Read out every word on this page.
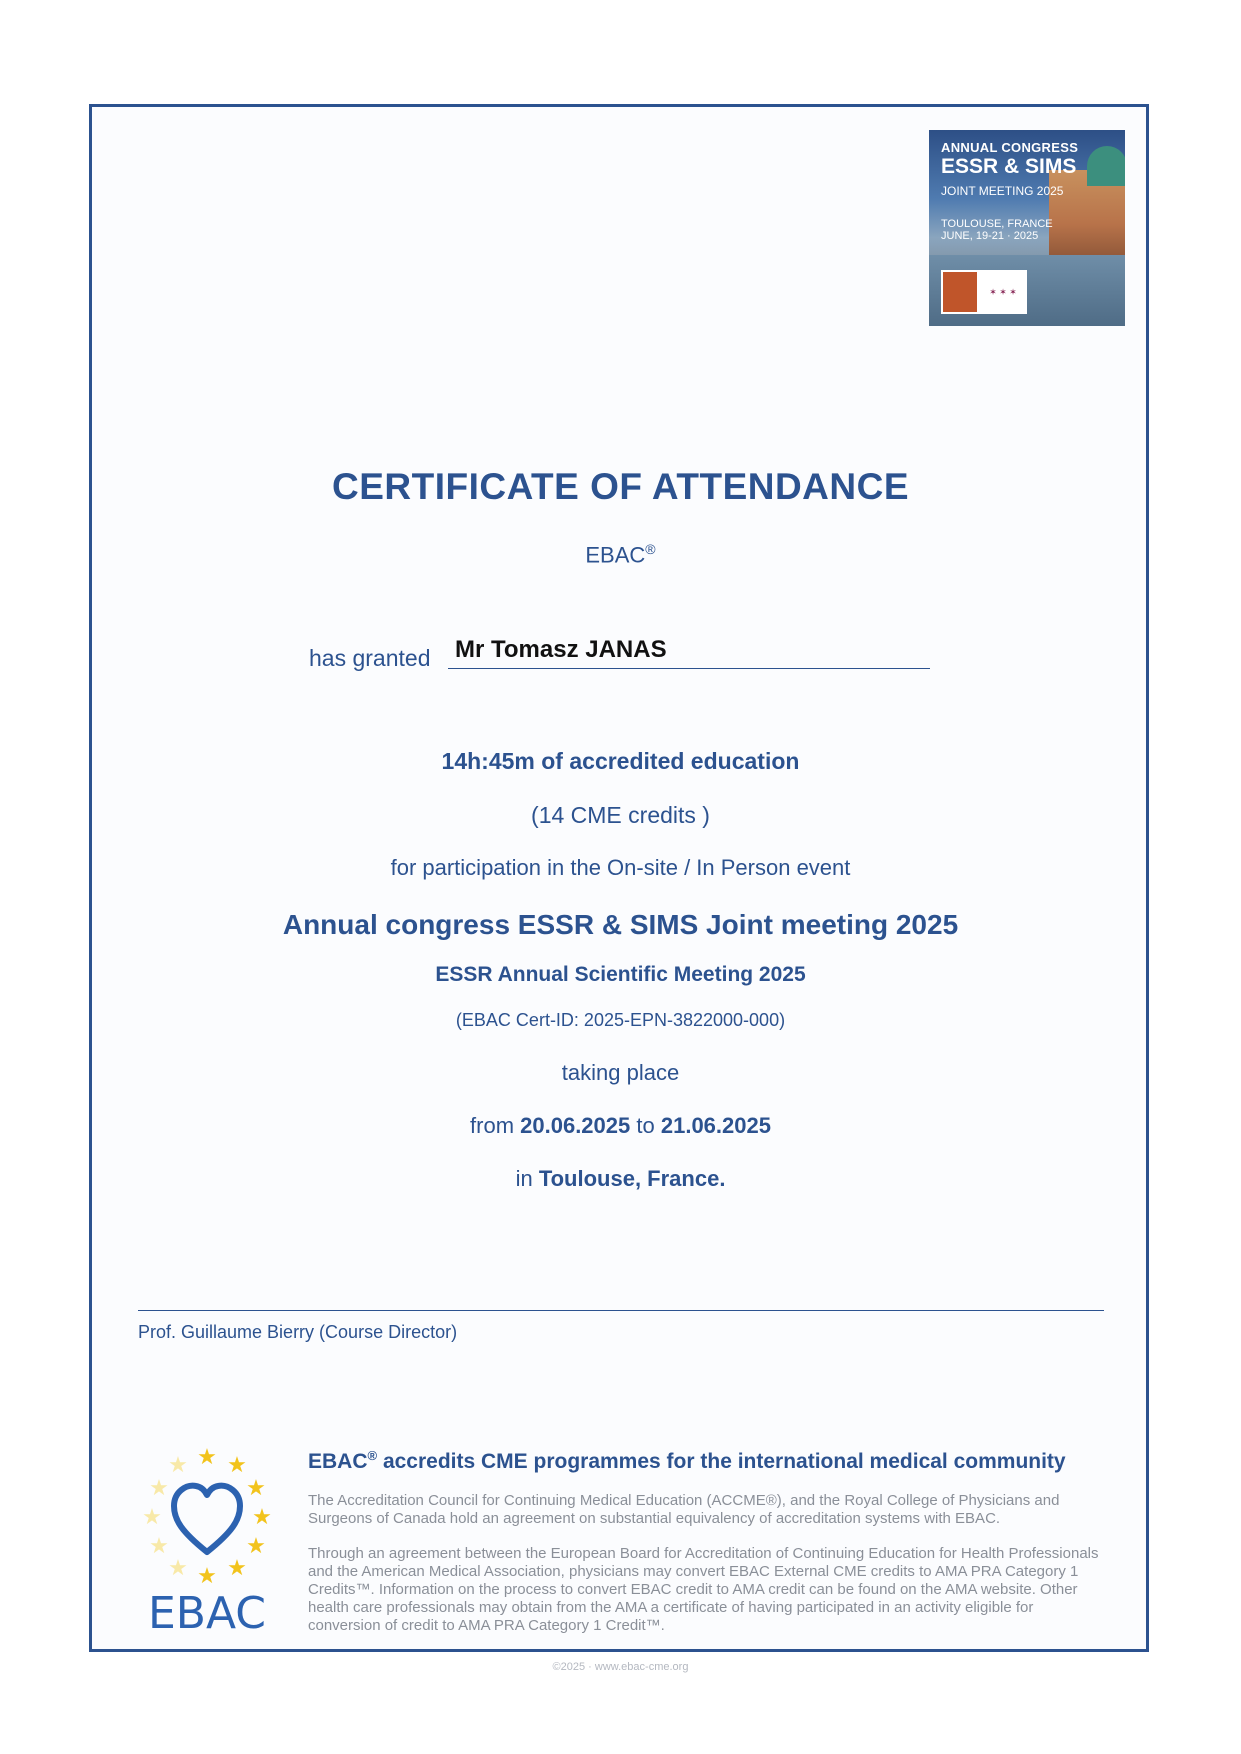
ANNUAL CONGRESS
ESSR & SIMS
JOINT MEETING 2025
TOULOUSE, FRANCE
JUNE, 19-21 · 2025
✶ ✶ ✶
CERTIFICATE OF ATTENDANCE
EBAC®
has granted Mr Tomasz JANAS
14h:45m of accredited education
(14 CME credits )
for participation in the On-site / In Person event
Annual congress ESSR & SIMS Joint meeting 2025
ESSR Annual Scientific Meeting 2025
(EBAC Cert-ID: 2025-EPN-3822000-000)
taking place
from 20.06.2025 to 21.06.2025
in Toulouse, France.
Prof. Guillaume Bierry (Course Director)
★ ★
★
★
★
★
★
★
★
★
★
★
EBAC
EBAC® accredits CME programmes for the international medical community
The Accreditation Council for Continuing Medical Education (ACCME®), and the Royal College of Physicians and Surgeons of Canada hold an agreement on substantial equivalency of accreditation systems with EBAC.
Through an agreement between the European Board for Accreditation of Continuing Education for Health Professionals and the American Medical Association, physicians may convert EBAC External CME credits to AMA PRA Category 1 Credits™. Information on the process to convert EBAC credit to AMA credit can be found on the AMA website. Other health care professionals may obtain from the AMA a certificate of having participated in an activity eligible for conversion of credit to AMA PRA Category 1 Credit™.
©2025 · www.ebac-cme.org
